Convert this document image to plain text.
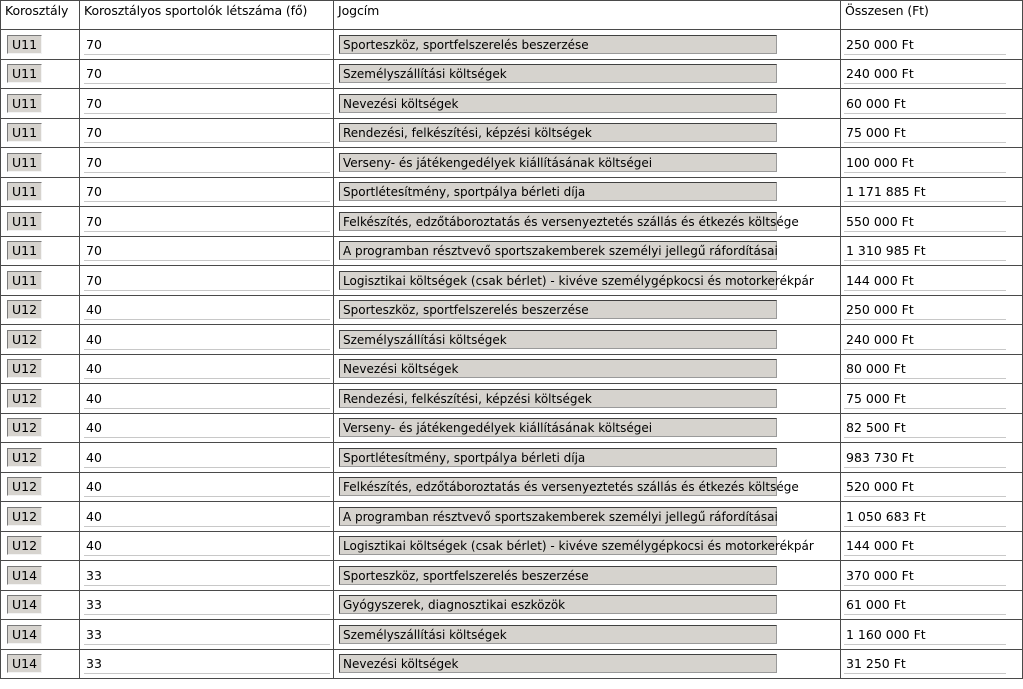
Korosztály	Korosztályos sportolók létszáma (fő)	Jogcím	Összesen (Ft)
U11	70	Sporteszköz, sportfelszerelés beszerzése	250 000 Ft

U11	70	Személyszállítási költségek	240 000 Ft

U11	70	Nevezési költségek	60 000 Ft

U11	70	Rendezési, felkészítési, képzési költségek	75 000 Ft

U11	70	Verseny- és játékengedélyek kiállításának költségei	100 000 Ft

U11	70	Sportlétesítmény, sportpálya bérleti díja	1 171 885 Ft

U11	70	Felkészítés, edzőtáboroztatás és versenyeztetés szállás és étkezés költsége	550 000 Ft

U11	70	A programban résztvevő sportszakemberek személyi jellegű ráfordításai	1 310 985 Ft

U11	70	Logisztikai költségek (csak bérlet) - kivéve személygépkocsi és motorkerékpár	144 000 Ft

U12	40	Sporteszköz, sportfelszerelés beszerzése	250 000 Ft

U12	40	Személyszállítási költségek	240 000 Ft

U12	40	Nevezési költségek	80 000 Ft

U12	40	Rendezési, felkészítési, képzési költségek	75 000 Ft

U12	40	Verseny- és játékengedélyek kiállításának költségei	82 500 Ft

U12	40	Sportlétesítmény, sportpálya bérleti díja	983 730 Ft

U12	40	Felkészítés, edzőtáboroztatás és versenyeztetés szállás és étkezés költsége	520 000 Ft

U12	40	A programban résztvevő sportszakemberek személyi jellegű ráfordításai	1 050 683 Ft

U12	40	Logisztikai költségek (csak bérlet) - kivéve személygépkocsi és motorkerékpár	144 000 Ft

U14	33	Sporteszköz, sportfelszerelés beszerzése	370 000 Ft

U14	33	Gyógyszerek, diagnosztikai eszközök	61 000 Ft

U14	33	Személyszállítási költségek	1 160 000 Ft

U14	33	Nevezési költségek	31 250 Ft
